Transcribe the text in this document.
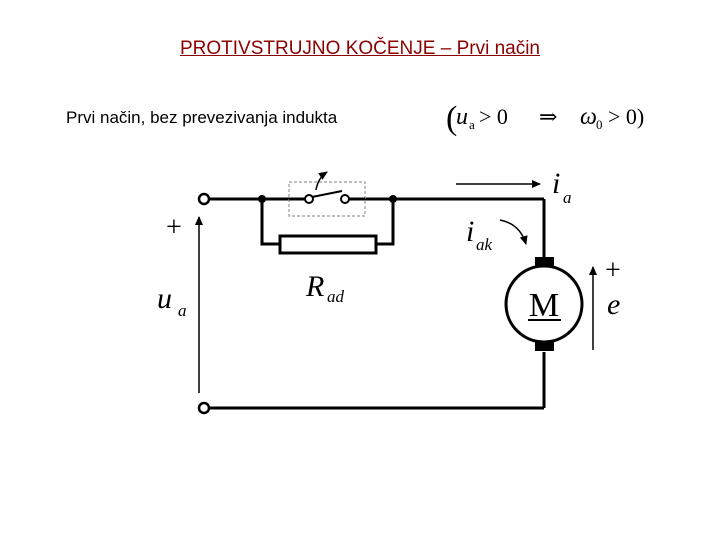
PROTIVSTRUJNO KOČENJE – Prvi način
Prvi način, bez prevezivanja indukta	(
u a > 0 ⇒ ω 0 > 0)
M
+
u a
R ad
i a
i ak
+
e
